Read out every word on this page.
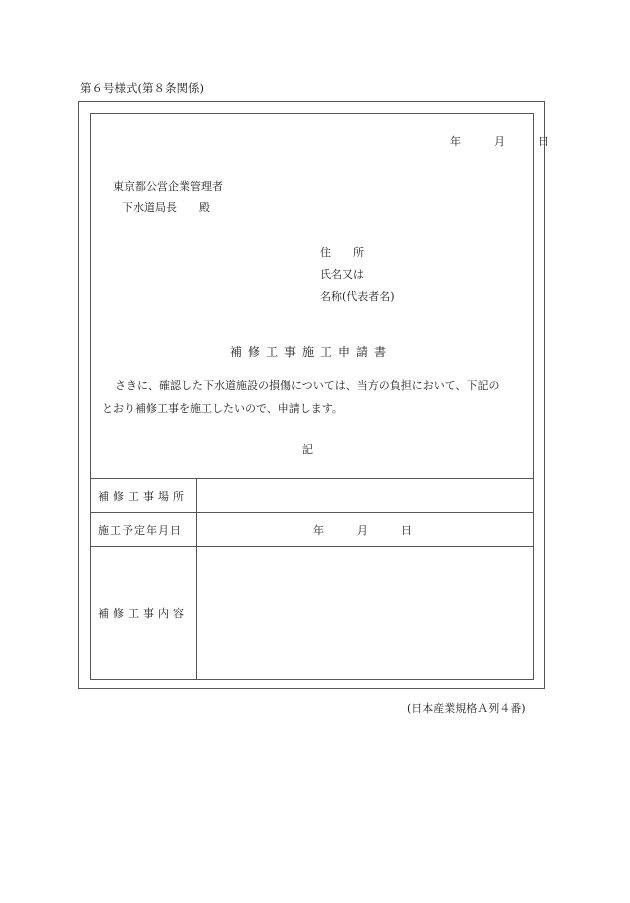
第６号様式(第８条関係)
年	月	日
東京都公営企業管理者
下水道局長　　殿
住　　所
氏名又は
名称(代表者名)
補修工事施工申請書
さきに、確認した下水道施設の損傷については、当方の負担において、下記の
とおり補修工事を施工したいので、申請します。
記
補修工事場所
施工予定年月日	年　　　月　　　日
補修工事内容
(日本産業規格Ａ列４番)
